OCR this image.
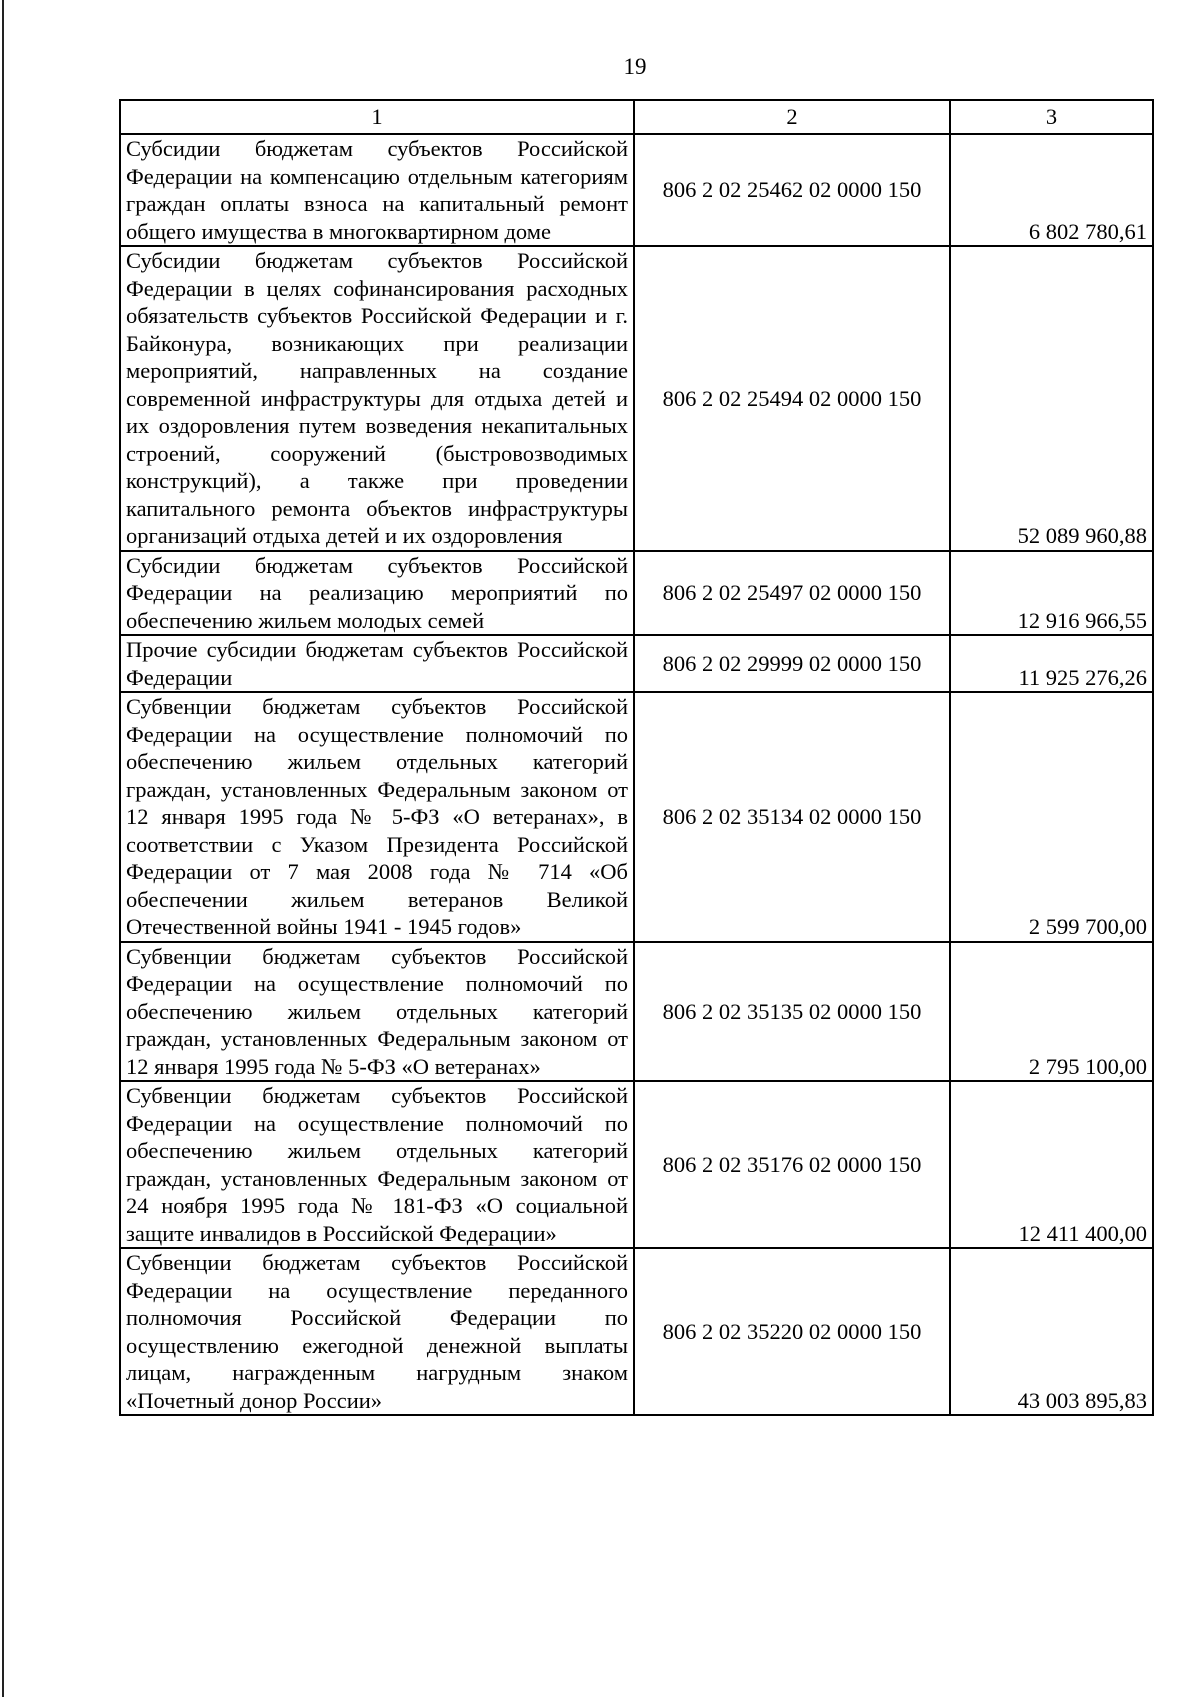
19
1	2	3
Субсидии бюджетам субъектов Российской Федерации на компенсацию отдельным категориям граждан оплаты взноса на капитальный ремонт общего имущества в многоквартирном доме	806 2 02 25462 02 0000 150	6 802 780,61
Субсидии бюджетам субъектов Российской Федерации в целях софинансирования расходных обязательств субъектов Российской Федерации и г. Байконура, возникающих при реализации мероприятий, направленных на создание современной инфраструктуры для отдыха детей и их оздоровления путем возведения некапитальных строений, сооружений (быстровозводимых конструкций), а также при проведении капитального ремонта объектов инфраструктуры организаций отдыха детей и их оздоровления	806 2 02 25494 02 0000 150	52 089 960,88
Субсидии бюджетам субъектов Российской Федерации на реализацию мероприятий по обеспечению жильем молодых семей	806 2 02 25497 02 0000 150	12 916 966,55
Прочие субсидии бюджетам субъектов Российской Федерации	806 2 02 29999 02 0000 150	11 925 276,26
Субвенции бюджетам субъектов Российской Федерации на осуществление полномочий по обеспечению жильем отдельных категорий граждан, установленных Федеральным законом от 12 января 1995 года № 5-ФЗ «О ветеранах», в соответствии с Указом Президента Российской Федерации от 7 мая 2008 года № 714 «Об обеспечении жильем ветеранов Великой Отечественной войны 1941 - 1945 годов»	806 2 02 35134 02 0000 150	2 599 700,00
Субвенции бюджетам субъектов Российской Федерации на осуществление полномочий по обеспечению жильем отдельных категорий граждан, установленных Федеральным законом от 12 января 1995 года № 5-ФЗ «О ветеранах»	806 2 02 35135 02 0000 150	2 795 100,00
Субвенции бюджетам субъектов Российской Федерации на осуществление полномочий по обеспечению жильем отдельных категорий граждан, установленных Федеральным законом от 24 ноября 1995 года № 181-ФЗ «О социальной защите инвалидов в Российской Федерации»	806 2 02 35176 02 0000 150	12 411 400,00
Субвенции бюджетам субъектов Российской Федерации на осуществление переданного полномочия Российской Федерации по осуществлению ежегодной денежной выплаты лицам, награжденным нагрудным знаком «Почетный донор России»	806 2 02 35220 02 0000 150	43 003 895,83
